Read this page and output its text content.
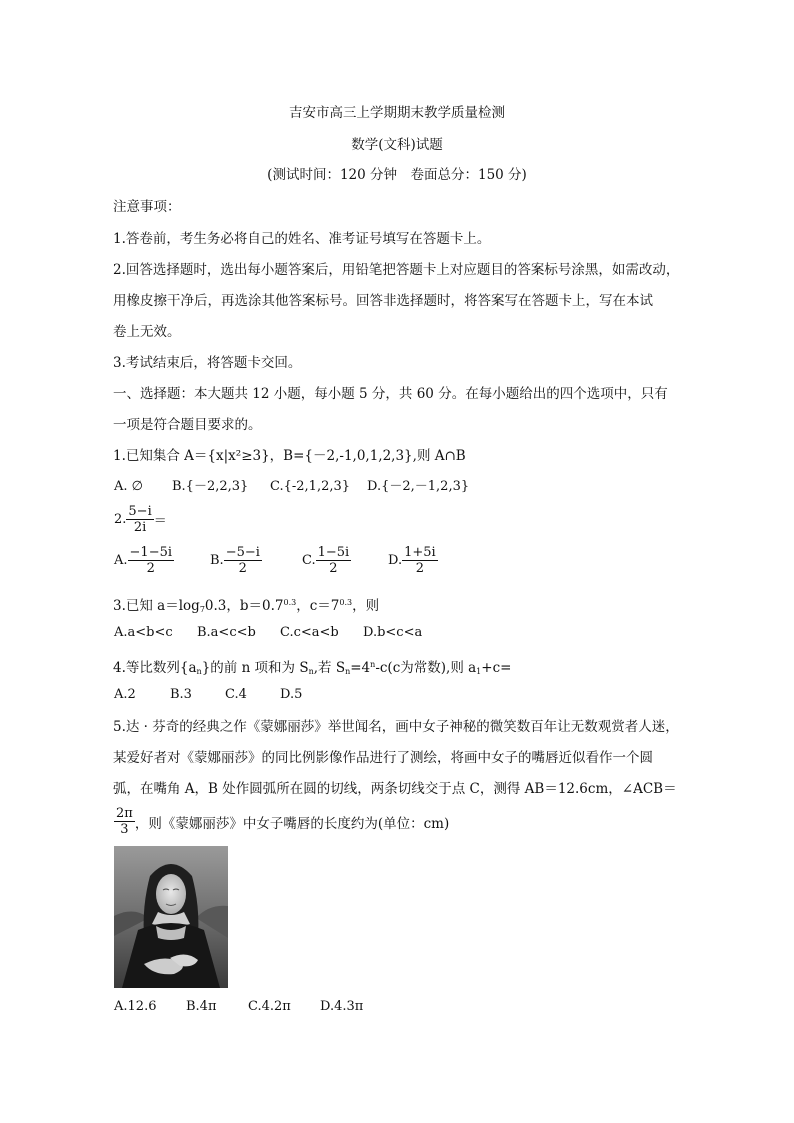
吉安市高三上学期期末教学质量检测
数学(文科)试题
(测试时间：120 分钟　卷面总分：150 分)
注意事项：
1.答卷前，考生务必将自己的姓名、准考证号填写在答题卡上。
2.回答选择题时，选出每小题答案后，用铅笔把答题卡上对应题目的答案标号涂黑，如需改动，
用橡皮擦干净后，再选涂其他答案标号。回答非选择题时，将答案写在答题卡上，写在本试
卷上无效。
3.考试结束后，将答题卡交回。
一、选择题：本大题共 12 小题，每小题 5 分，共 60 分。在每小题给出的四个选项中，只有
一项是符合题目要求的。
1.已知集合 A＝{x|x²≥3}，B={－2,-1,0,1,2,3},则 A∩B
A. ∅ B.{－2,2,3} C.{-2,1,2,3} D.{－2,－1,2,3}
2. $\frac{5-i}{2i}$ ＝
A. $\frac{-1-5i}{2}$	B. $\frac{-5-i}{2}$	C. $\frac{1-5i}{2}$	D. $\frac{1+5i}{2}$
3.已知 $a=\log_70.3$，$b=0.7^{0.3}$，$c=7^{0.3}$，则
A.a<b<c B.a<c<b C.c<a<b D.b<c<a
4.等比数列$\{a_n\}$的前 n 项和为 $S_n$,若 $S_n=4^n-c(c$为常数),则 $a_1+c=$
A.2	B.3	C.4	D.5
5.达 · 芬奇的经典之作《蒙娜丽莎》举世闻名，画中女子神秘的微笑数百年让无数观赏者人迷，
某爱好者对《蒙娜丽莎》的同比例影像作品进行了测绘，将画中女子的嘴唇近似看作一个圆
弧，在嘴角 A，B 处作圆弧所在圆的切线，两条切线交于点 C，测得 AB＝12.6cm，∠ACB＝
$\frac{2\pi}{3}$ ，则《蒙娜丽莎》中女子嘴唇的长度约为(单位：cm)
A.12.6 B.4π C.4.2π D.4.3π
